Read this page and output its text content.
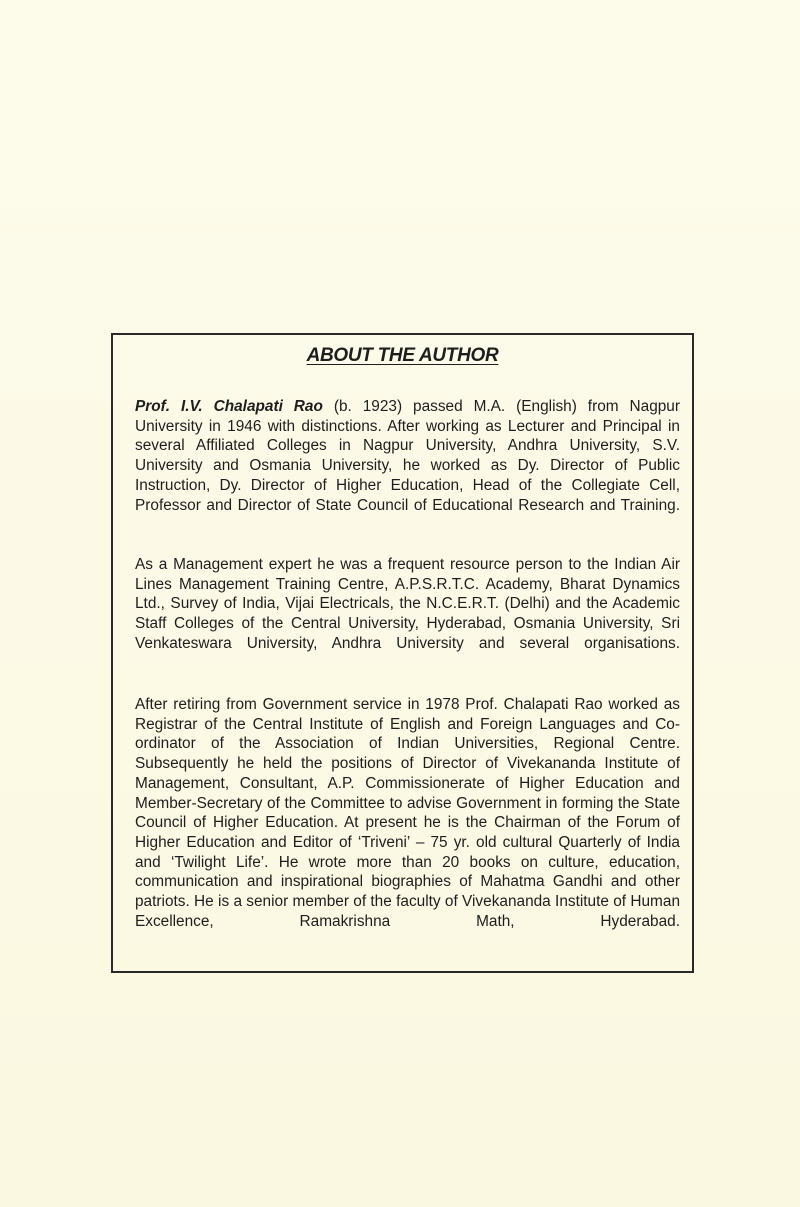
ABOUT THE AUTHOR

Prof. I.V. Chalapati Rao (b. 1923) passed M.A. (English) from Nagpur University in 1946 with distinctions. After working as Lecturer and Principal in several Affiliated Colleges in Nagpur University, Andhra University, S.V. University and Osmania University, he worked as Dy. Director of Public Instruction, Dy. Director of Higher Education, Head of the Collegiate Cell, Professor and Director of State Council of Educational Research and Training.

As a Management expert he was a frequent resource person to the Indian Air Lines Management Training Centre, A.P.S.R.T.C. Academy, Bharat Dynamics Ltd., Survey of India, Vijai Electricals, the N.C.E.R.T. (Delhi) and the Academic Staff Colleges of the Central University, Hyderabad, Osmania University, Sri Venkateswara University, Andhra University and several organisations.

After retiring from Government service in 1978 Prof. Chalapati Rao worked as Registrar of the Central Institute of English and Foreign Languages and Co-ordinator of the Association of Indian Universities, Regional Centre. Subsequently he held the positions of Director of Vivekananda Institute of Management, Consultant, A.P. Commissionerate of Higher Education and Member-Secretary of the Committee to advise Government in forming the State Council of Higher Education. At present he is the Chairman of the Forum of Higher Education and Editor of ‘Triveni’ – 75 yr. old cultural Quarterly of India and ‘Twilight Life’. He wrote more than 20 books on culture, education, communication and inspirational biographies of Mahatma Gandhi and other patriots. He is a senior member of the faculty of Vivekananda Institute of Human Excellence, Ramakrishna Math, Hyderabad.
